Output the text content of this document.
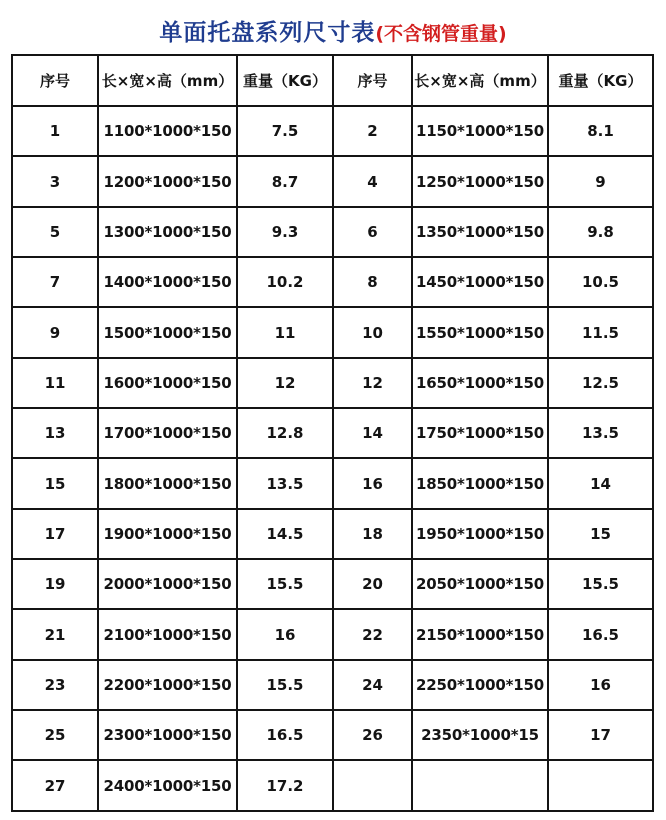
单面托盘系列尺寸表(不含钢管重量)
序号	长×宽×高（mm）	重量（KG）	序号	长×宽×高（mm）	重量（KG）
1	1100*1000*150	7.5	2	1150*1000*150	8.1
3	1200*1000*150	8.7	4	1250*1000*150	9
5	1300*1000*150	9.3	6	1350*1000*150	9.8
7	1400*1000*150	10.2	8	1450*1000*150	10.5
9	1500*1000*150	11	10	1550*1000*150	11.5
11	1600*1000*150	12	12	1650*1000*150	12.5
13	1700*1000*150	12.8	14	1750*1000*150	13.5
15	1800*1000*150	13.5	16	1850*1000*150	14
17	1900*1000*150	14.5	18	1950*1000*150	15
19	2000*1000*150	15.5	20	2050*1000*150	15.5
21	2100*1000*150	16	22	2150*1000*150	16.5
23	2200*1000*150	15.5	24	2250*1000*150	16
25	2300*1000*150	16.5	26	2350*1000*15	17
27	2400*1000*150	17.2			
